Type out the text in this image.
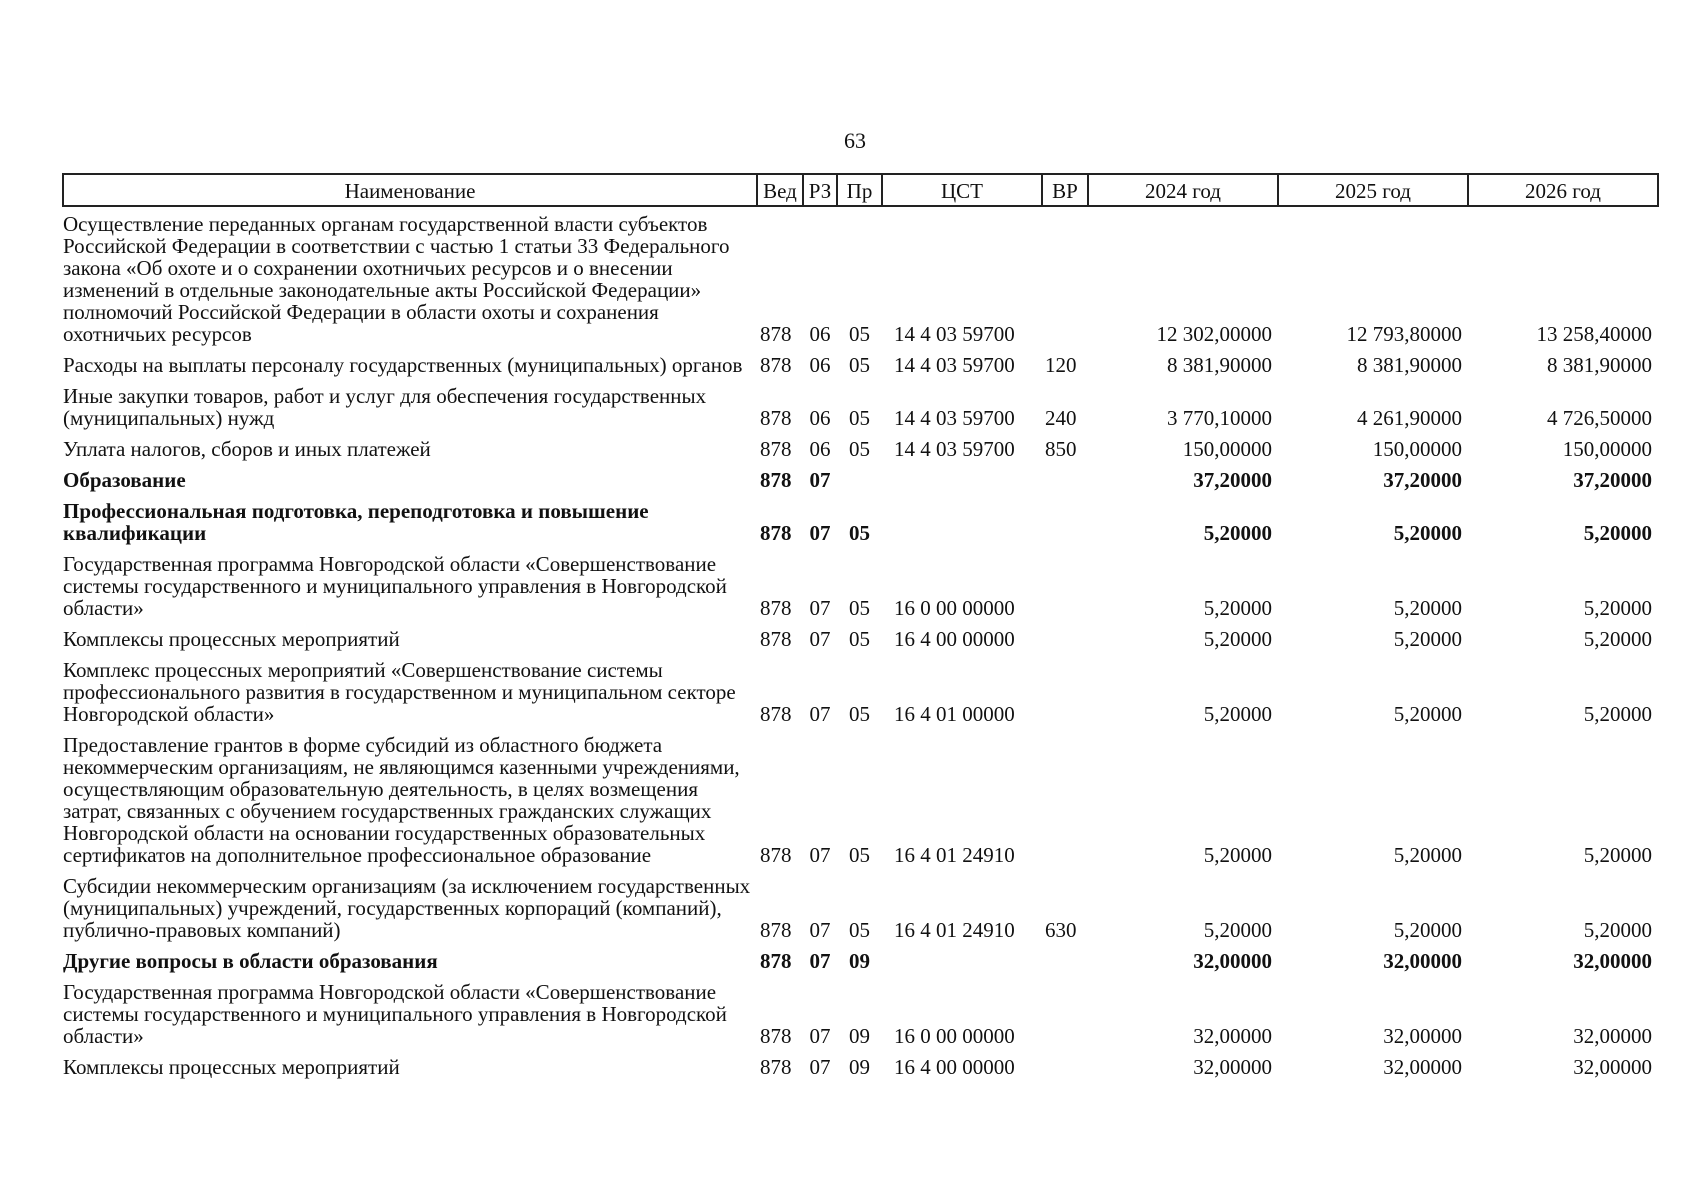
63
Наименование	Вед	РЗ	Пр	ЦСТ	ВР	2024 год	2025 год	2026 год
Осуществление переданных органам государственной власти субъектов Российской Федерации в соответствии с частью 1 статьи 33 Федерального закона «Об охоте и о сохранении охотничьих ресурсов и о внесении изменений в отдельные законодательные акты Российской Федерации» полномочий Российской Федерации в области охоты и сохранения охотничьих ресурсов	878	06	05	14 4 03 59700		12 302,00000	12 793,80000	13 258,40000
Расходы на выплаты персоналу государственных (муниципальных) органов	878	06	05	14 4 03 59700	120	8 381,90000	8 381,90000	8 381,90000
Иные закупки товаров, работ и услуг для обеспечения государственных (муниципальных) нужд	878	06	05	14 4 03 59700	240	3 770,10000	4 261,90000	4 726,50000
Уплата налогов, сборов и иных платежей	878	06	05	14 4 03 59700	850	150,00000	150,00000	150,00000
Образование	878	07				37,20000	37,20000	37,20000
Профессиональная подготовка, переподготовка и повышение квалификации	878	07	05			5,20000	5,20000	5,20000
Государственная программа Новгородской области «Совершенствование системы государственного и муниципального управления в Новгородской области»	878	07	05	16 0 00 00000		5,20000	5,20000	5,20000
Комплексы процессных мероприятий	878	07	05	16 4 00 00000		5,20000	5,20000	5,20000
Комплекс процессных мероприятий «Совершенствование системы профессионального развития в государственном и муниципальном секторе Новгородской области»	878	07	05	16 4 01 00000		5,20000	5,20000	5,20000
Предоставление грантов в форме субсидий из областного бюджета некоммерческим организациям, не являющимся казенными учреждениями, осуществляющим образовательную деятельность, в целях возмещения затрат, связанных с обучением государственных гражданских служащих Новгородской области на основании государственных образовательных сертификатов на дополнительное профессиональное образование	878	07	05	16 4 01 24910		5,20000	5,20000	5,20000
Субсидии некоммерческим организациям (за исключением государственных (муниципальных) учреждений, государственных корпораций (компаний), публично-правовых компаний)	878	07	05	16 4 01 24910	630	5,20000	5,20000	5,20000
Другие вопросы в области образования	878	07	09			32,00000	32,00000	32,00000
Государственная программа Новгородской области «Совершенствование системы государственного и муниципального управления в Новгородской области»	878	07	09	16 0 00 00000		32,00000	32,00000	32,00000
Комплексы процессных мероприятий	878	07	09	16 4 00 00000		32,00000	32,00000	32,00000
